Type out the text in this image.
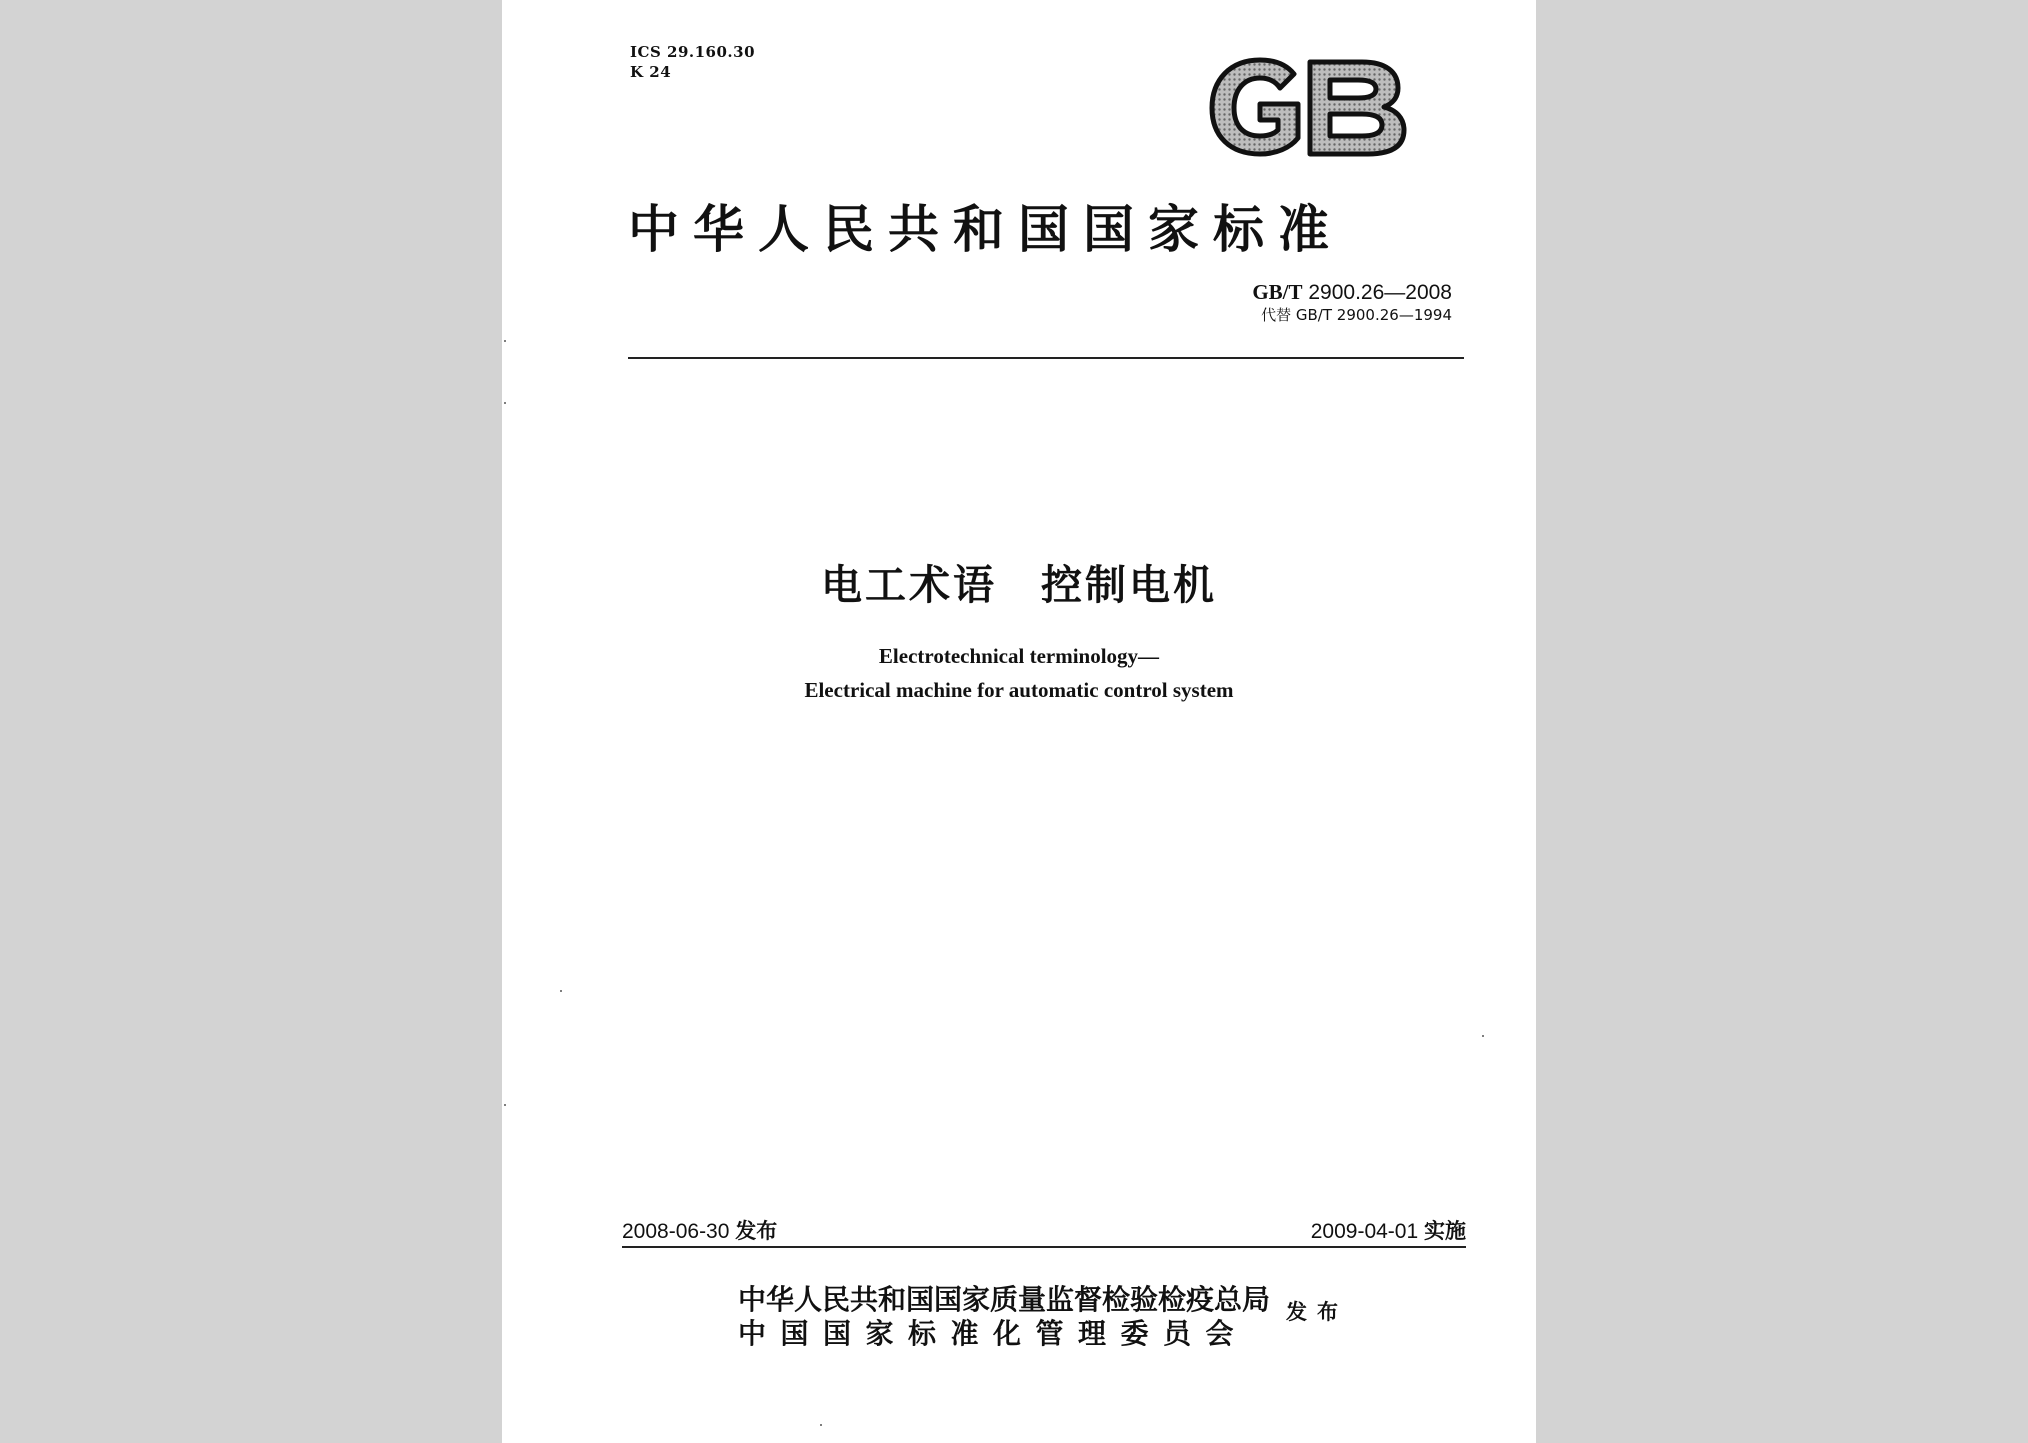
ICS 29.160.30
K 24
中华人民共和国国家标准
GB/T 2900.26—2008
代替 GB/T 2900.26—1994
电工术语　控制电机
Electrotechnical terminology—
Electrical machine for automatic control system
2008-06-30 发布	2009-04-01 实施
中华人民共和国国家质量监督检验检疫总局
中国国家标准化管理委员会
发布
